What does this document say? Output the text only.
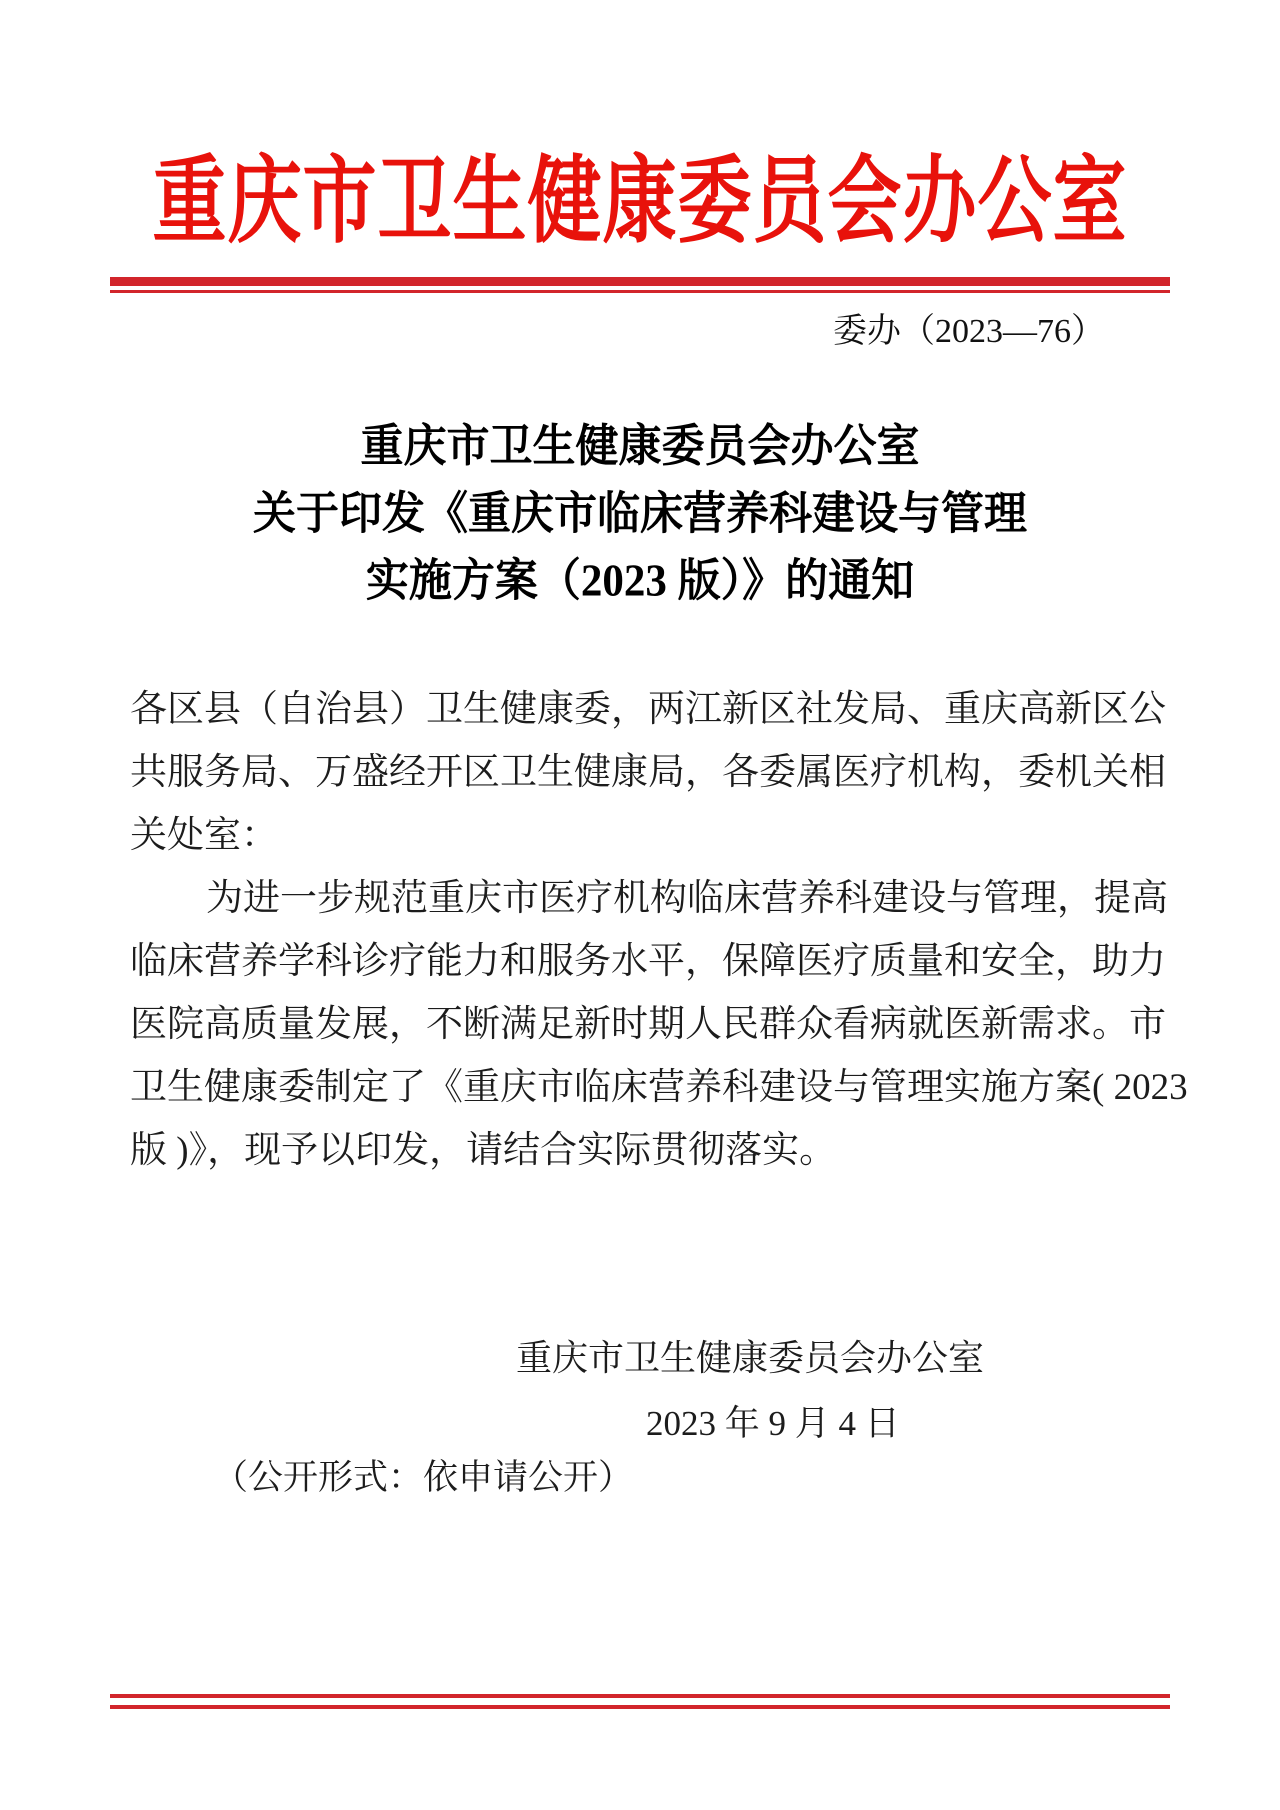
重庆市卫生健康委员会办公室
委办（2023—76）
重庆市卫生健康委员会办公室
关于印发《重庆市临床营养科建设与管理
实施方案（2023 版）》的通知
各区县（自治县）卫生健康委，两江新区社发局、重庆高新区公
共服务局、万盛经开区卫生健康局，各委属医疗机构，委机关相
关处室：
为进一步规范重庆市医疗机构临床营养科建设与管理，提高
临床营养学科诊疗能力和服务水平，保障医疗质量和安全，助力
医院高质量发展，不断满足新时期人民群众看病就医新需求。市
卫生健康委制定了《重庆市临床营养科建设与管理实施方案( 2023
版 )》，现予以印发，请结合实际贯彻落实。
重庆市卫生健康委员会办公室
2023 年 9 月 4 日
（公开形式：依申请公开）
